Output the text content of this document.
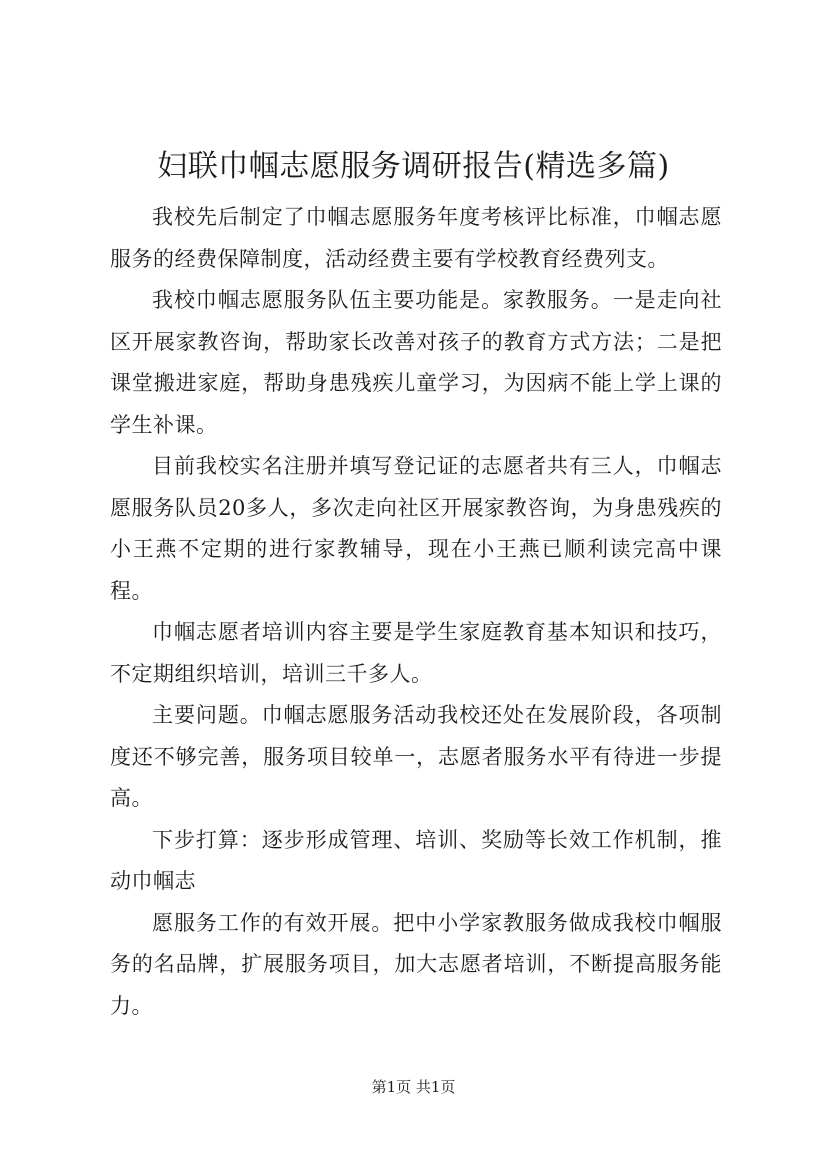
妇联巾帼志愿服务调研报告(精选多篇)

我校先后制定了巾帼志愿服务年度考核评比标准，巾帼志愿服务的经费保障制度，活动经费主要有学校教育经费列支。

我校巾帼志愿服务队伍主要功能是。家教服务。一是走向社区开展家教咨询，帮助家长改善对孩子的教育方式方法；二是把课堂搬进家庭，帮助身患残疾儿童学习，为因病不能上学上课的学生补课。

目前我校实名注册并填写登记证的志愿者共有三人，巾帼志愿服务队员20多人，多次走向社区开展家教咨询，为身患残疾的小王燕不定期的进行家教辅导，现在小王燕已顺利读完高中课程。

巾帼志愿者培训内容主要是学生家庭教育基本知识和技巧，不定期组织培训，培训三千多人。

主要问题。巾帼志愿服务活动我校还处在发展阶段，各项制度还不够完善，服务项目较单一，志愿者服务水平有待进一步提高。

下步打算：逐步形成管理、培训、奖励等长效工作机制，推动巾帼志

愿服务工作的有效开展。把中小学家教服务做成我校巾帼服务的名品牌，扩展服务项目，加大志愿者培训，不断提高服务能力。

第1页 共1页
